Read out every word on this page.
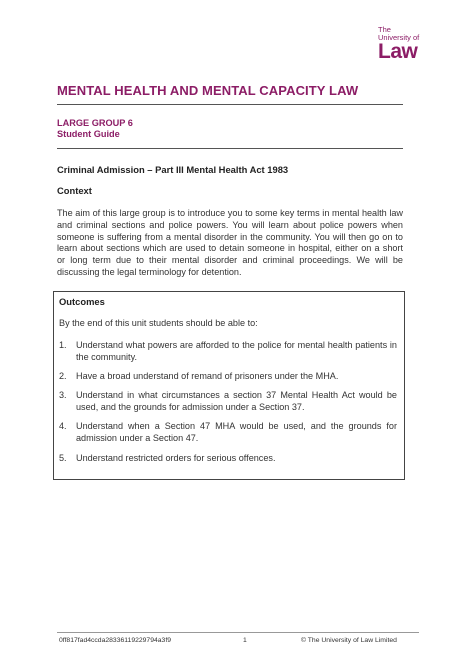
The
University of
Law
MENTAL HEALTH AND MENTAL CAPACITY LAW
LARGE GROUP 6
Student Guide
Criminal Admission – Part III Mental Health Act 1983
Context
The aim of this large group is to introduce you to some key terms in mental health law and criminal sections and police powers. You will learn about police powers when someone is suffering from a mental disorder in the community. You will then go on to learn about sections which are used to detain someone in hospital, either on a short or long term due to their mental disorder and criminal proceedings. We will be discussing the legal terminology for detention.
Outcomes
By the end of this unit students should be able to:
1. Understand what powers are afforded to the police for mental health patients in the community.
2. Have a broad understand of remand of prisoners under the MHA.
3. Understand in what circumstances a section 37 Mental Health Act would be used, and the grounds for admission under a Section 37.
4. Understand when a Section 47 MHA would be used, and the grounds for admission under a Section 47.
5. Understand restricted orders for serious offences.
0ff817fad4ccda28336119229794a3f9	1	© The University of Law Limited
